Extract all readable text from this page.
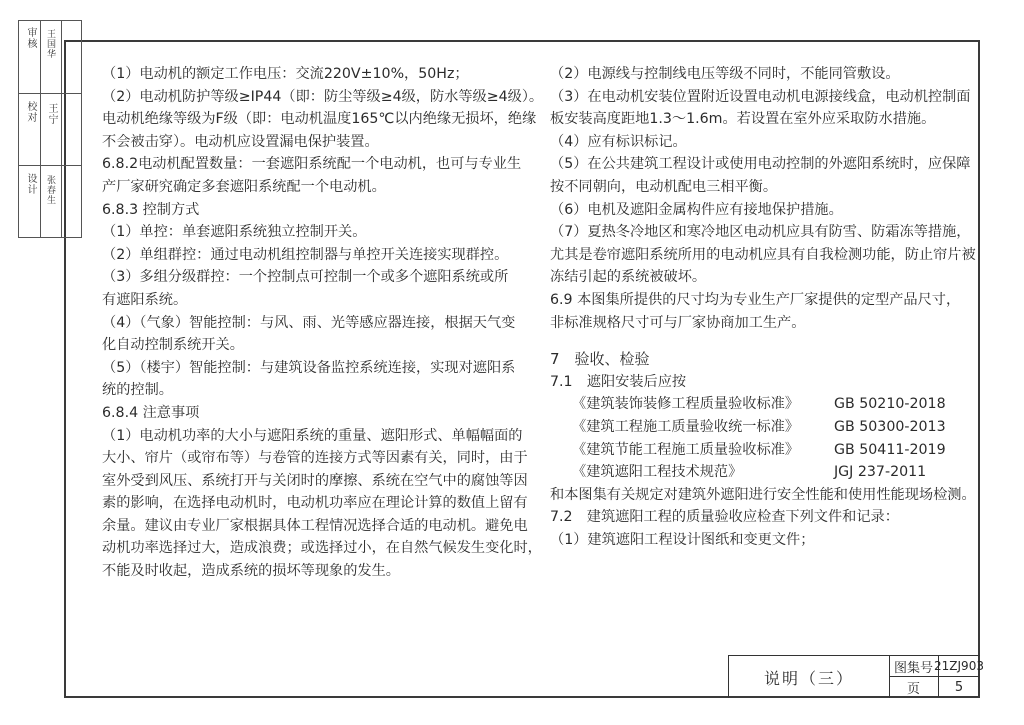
审核 王国华
校对 王宁
设计 张春生

（1）电动机的额定工作电压：交流220V±10%，50Hz；

（2）电动机防护等级≥IP44（即：防尘等级≥4级，防水等级≥4级）。

电动机绝缘等级为F级（即：电动机温度165℃以内绝缘无损坏，绝缘

不会被击穿）。电动机应设置漏电保护装置。

6.8.2电动机配置数量：一套遮阳系统配一个电动机，也可与专业生

产厂家研究确定多套遮阳系统配一个电动机。

6.8.3 控制方式

（1）单控：单套遮阳系统独立控制开关。

（2）单组群控：通过电动机组控制器与单控开关连接实现群控。

（3）多组分级群控：一个控制点可控制一个或多个遮阳系统或所

有遮阳系统。

（4）（气象）智能控制：与风、雨、光等感应器连接，根据天气变

化自动控制系统开关。

（5）（楼宇）智能控制：与建筑设备监控系统连接，实现对遮阳系

统的控制。

6.8.4 注意事项

（1）电动机功率的大小与遮阳系统的重量、遮阳形式、单幅幅面的

大小、帘片（或帘布等）与卷管的连接方式等因素有关，同时，由于

室外受到风压、系统打开与关闭时的摩擦、系统在空气中的腐蚀等因

素的影响，在选择电动机时，电动机功率应在理论计算的数值上留有

余量。建议由专业厂家根据具体工程情况选择合适的电动机。避免电

动机功率选择过大，造成浪费；或选择过小，在自然气候发生变化时，

不能及时收起，造成系统的损坏等现象的发生。

（2）电源线与控制线电压等级不同时，不能同管敷设。

（3）在电动机安装位置附近设置电动机电源接线盒，电动机控制面

板安装高度距地1.3～1.6m。若设置在室外应采取防水措施。

（4）应有标识标记。

（5）在公共建筑工程设计或使用电动控制的外遮阳系统时，应保障

按不同朝向，电动机配电三相平衡。

（6）电机及遮阳金属构件应有接地保护措施。

（7）夏热冬冷地区和寒冷地区电动机应具有防雪、防霜冻等措施，

尤其是卷帘遮阳系统所用的电动机应具有自我检测功能，防止帘片被

冻结引起的系统被破坏。

6.9 本图集所提供的尺寸均为专业生产厂家提供的定型产品尺寸，

非标准规格尺寸可与厂家协商加工生产。

7　验收、检验

7.1　遮阳安装后应按

《建筑装饰装修工程质量验收标准》	GB 50210-2018
《建筑工程施工质量验收统一标准》	GB 50300-2013
《建筑节能工程施工质量验收标准》	GB 50411-2019
《建筑遮阳工程技术规范》	JGJ 237-2011

和本图集有关规定对建筑外遮阳进行安全性能和使用性能现场检测。

7.2　建筑遮阳工程的质量验收应检查下列文件和记录：

（1）建筑遮阳工程设计图纸和变更文件；

说明（三）
图集号 21ZJ903
页	5
